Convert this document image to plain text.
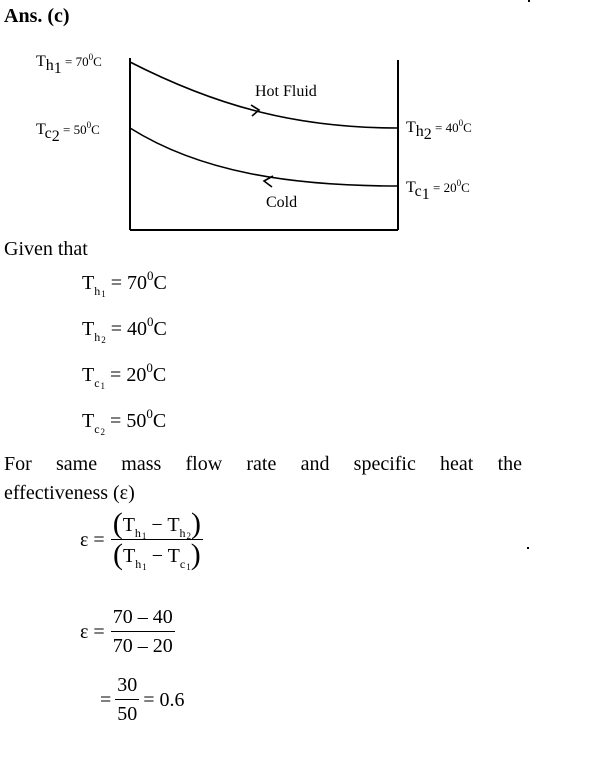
Ans. (c)
Th1 $^{= 700}_C$
Tc2 $^{= 500}_C$	Th2 $^{= 400}_C$
Tc1 $^{= 200}_C$
Hot Fluid
Cold
Given that
$T_{h1} = 70^0C$
$T_{h2} = 40^0C$
$T_{c1} = 20^0C$
$T_{c2} = 50^0C$
For same mass flow rate and specific heat the
effectiveness (ε)
$\varepsilon = \frac{(T_{h1} - T_{h2})}{(T_{h1} - T_{c1})}$
$\varepsilon = \frac{70 - 40}{70 - 20}$
= $\frac{30}{50} = 0.6$
